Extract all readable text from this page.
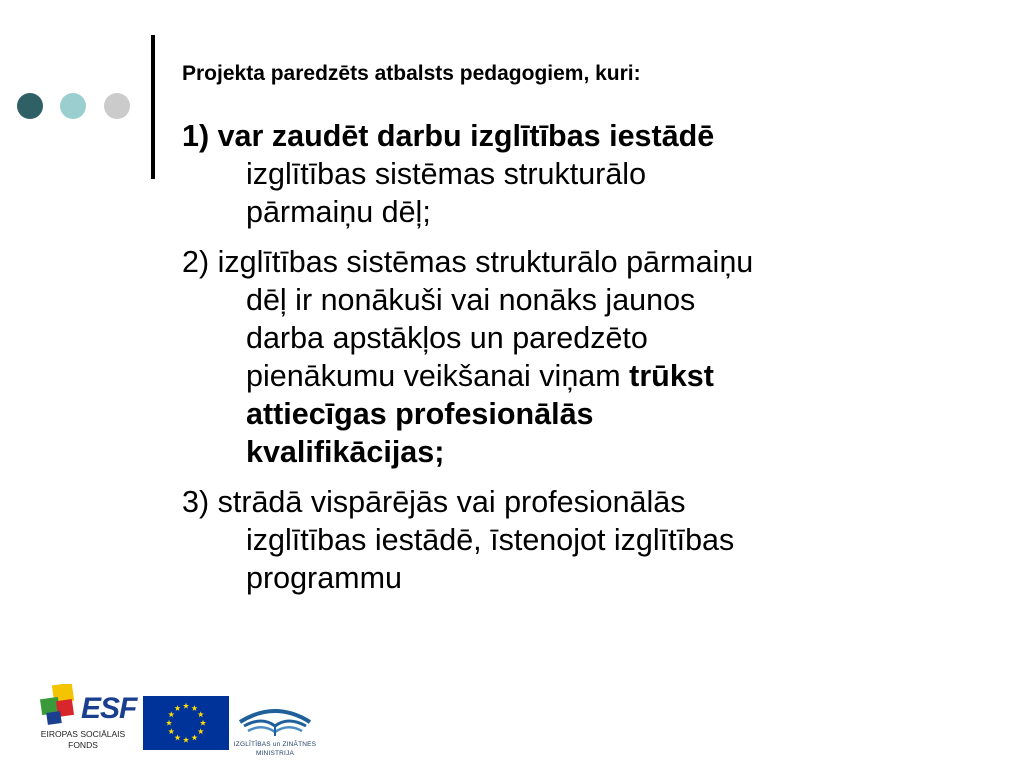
Projekta paredzēts atbalsts pedagogiem, kuri:
1) var zaudēt darbu izglītības iestādē
izglītības sistēmas strukturālo
pārmaiņu dēļ;
2) izglītības sistēmas strukturālo pārmaiņu
dēļ ir nonākuši vai nonāks jaunos
darba apstākļos un paredzēto
pienākumu veikšanai viņam trūkst
attiecīgas profesionālās
kvalifikācijas;
3) strādā vispārējās vai profesionālās
izglītības iestādē, īstenojot izglītības
programmu
ESF
EIROPAS SOCIĀLAIS
FONDS	IZGLĪTĪBAS un ZINĀTNES
MINISTRIJA
